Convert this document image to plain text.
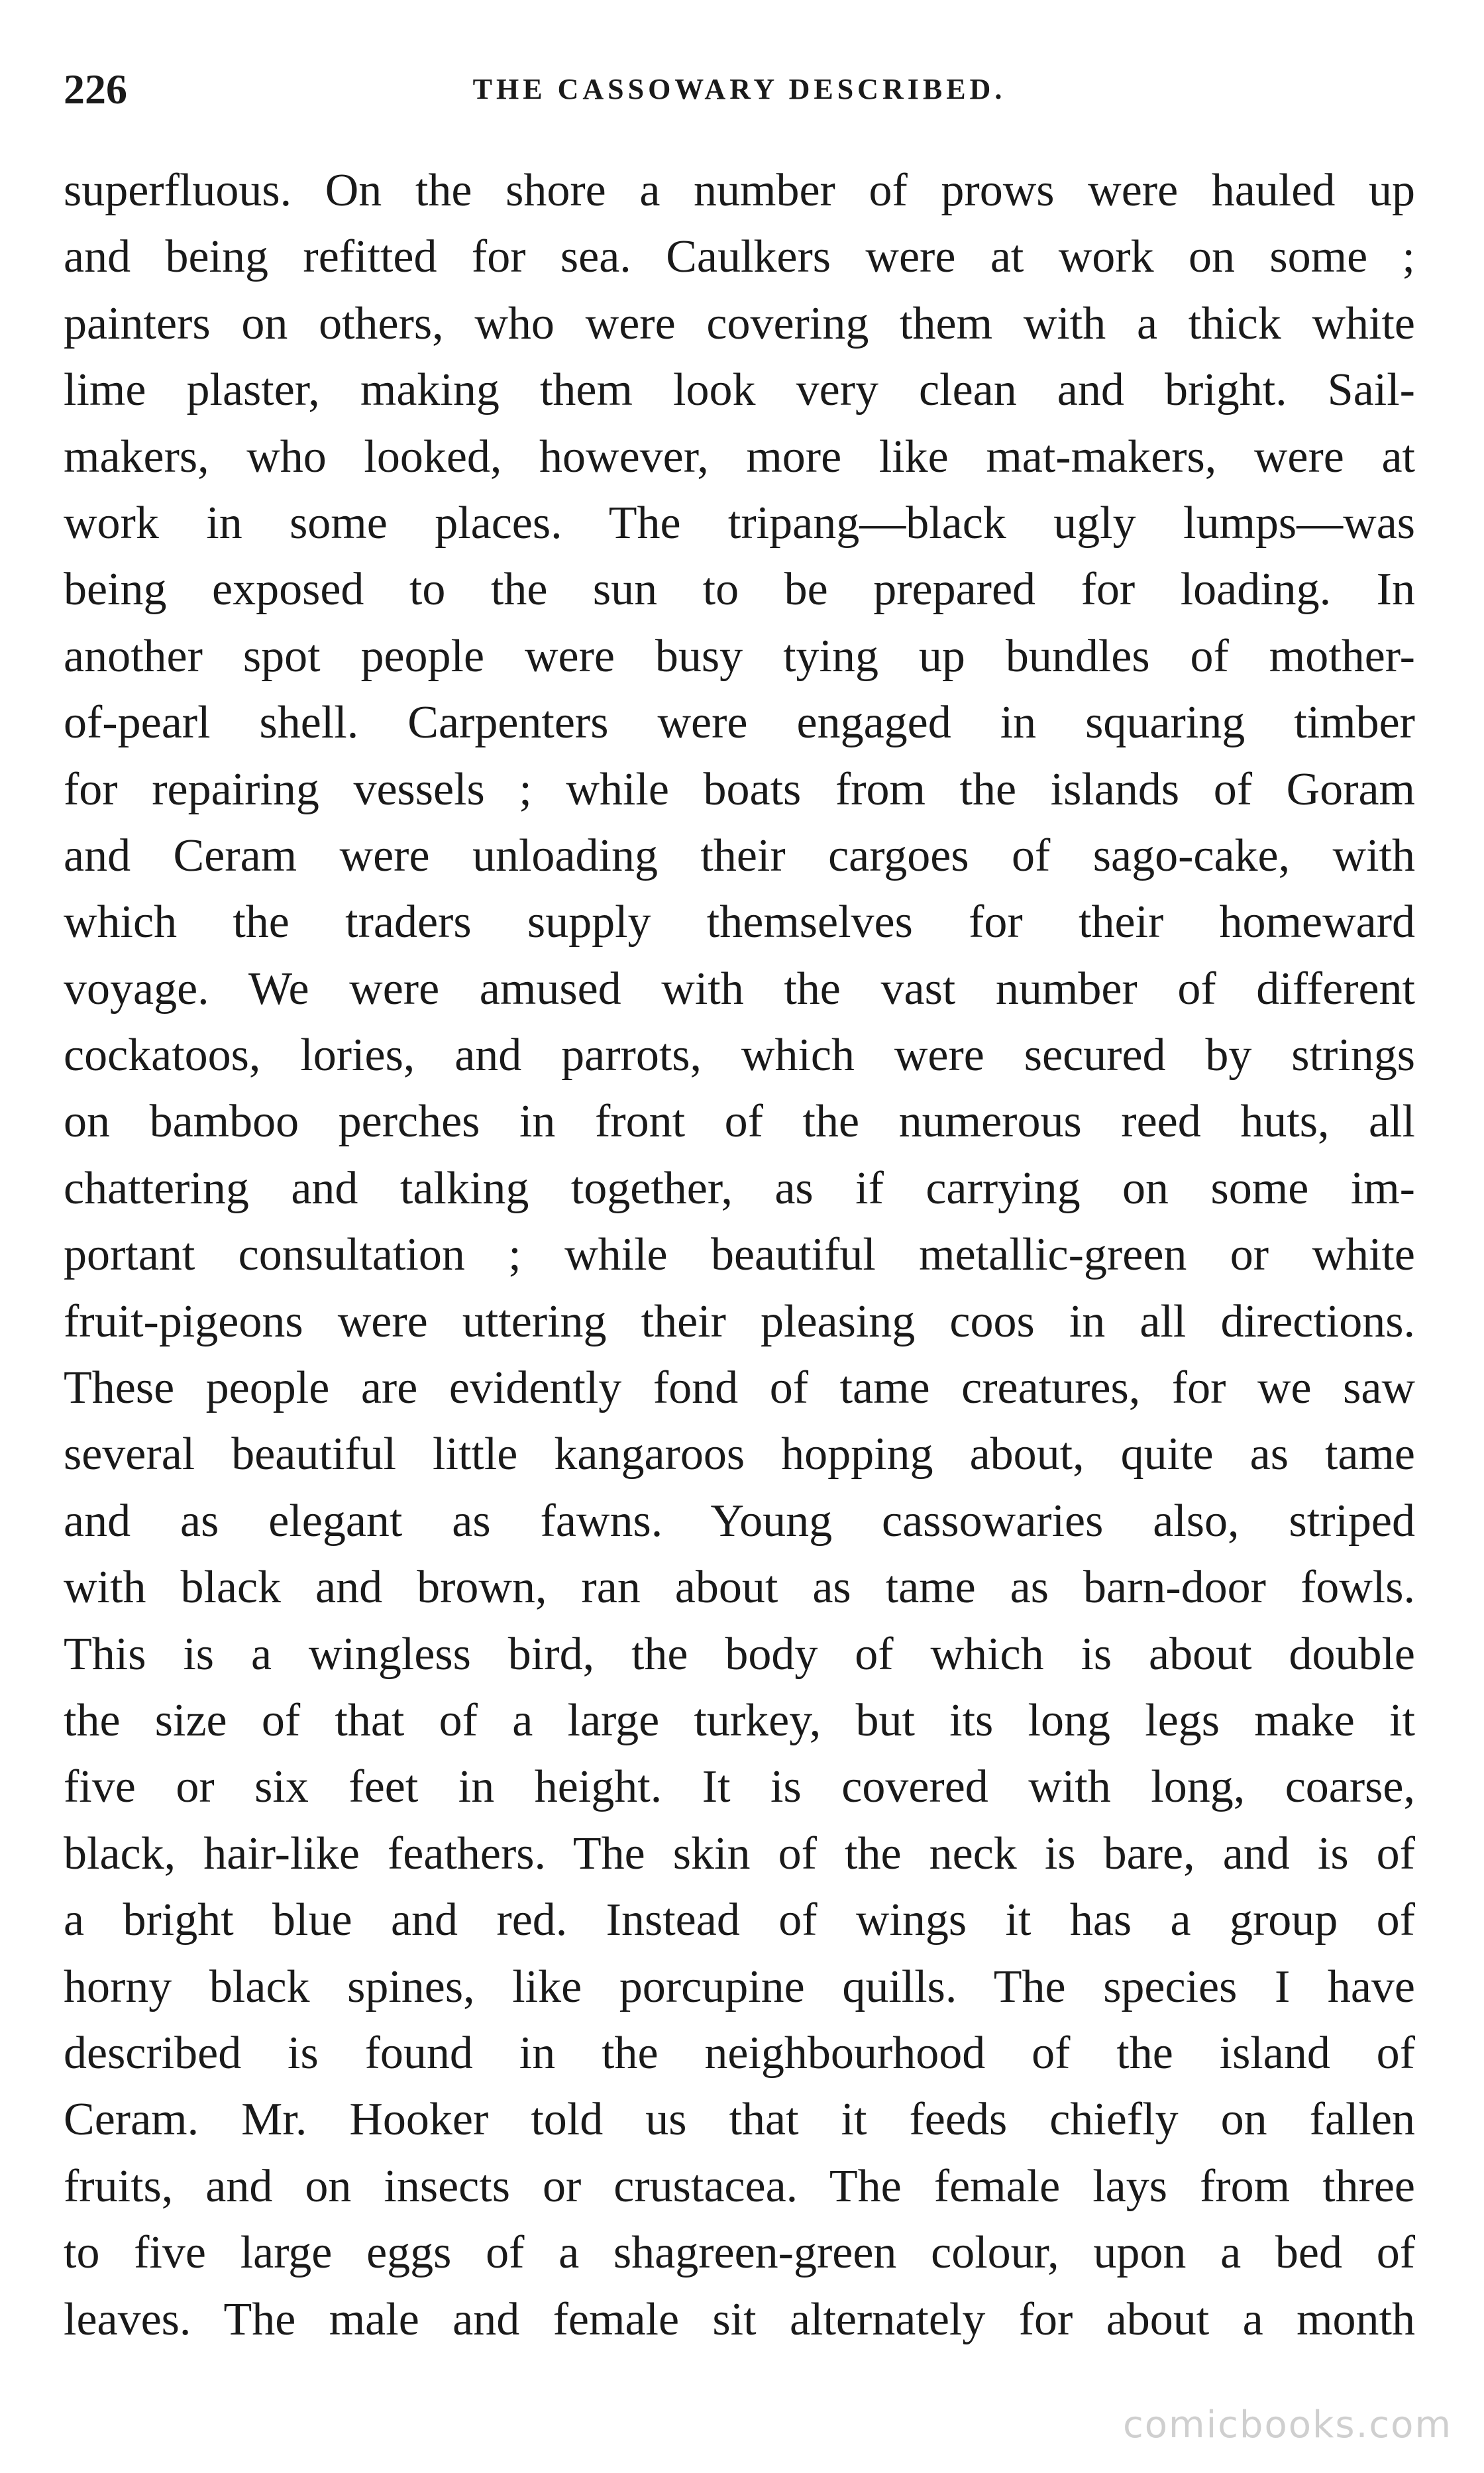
226	THE CASSOWARY DESCRIBED.
superfluous. On the shore a number of prows were hauled up
and being refitted for sea. Caulkers were at work on some ;
painters on others, who were covering them with a thick white
lime plaster, making them look very clean and bright. Sail-
makers, who looked, however, more like mat-makers, were at
work in some places. The tripang—black ugly lumps—was
being exposed to the sun to be prepared for loading. In
another spot people were busy tying up bundles of mother-
of-pearl shell. Carpenters were engaged in squaring timber
for repairing vessels ; while boats from the islands of Goram
and Ceram were unloading their cargoes of sago-cake, with
which the traders supply themselves for their homeward
voyage. We were amused with the vast number of different
cockatoos, lories, and parrots, which were secured by strings
on bamboo perches in front of the numerous reed huts, all
chattering and talking together, as if carrying on some im-
portant consultation ; while beautiful metallic-green or white
fruit-pigeons were uttering their pleasing coos in all directions.
These people are evidently fond of tame creatures, for we saw
several beautiful little kangaroos hopping about, quite as tame
and as elegant as fawns. Young cassowaries also, striped
with black and brown, ran about as tame as barn-door fowls.
This is a wingless bird, the body of which is about double
the size of that of a large turkey, but its long legs make it
five or six feet in height. It is covered with long, coarse,
black, hair-like feathers. The skin of the neck is bare, and is of
a bright blue and red. Instead of wings it has a group of
horny black spines, like porcupine quills. The species I have
described is found in the neighbourhood of the island of
Ceram. Mr. Hooker told us that it feeds chiefly on fallen
fruits, and on insects or crustacea. The female lays from three
to five large eggs of a shagreen-green colour, upon a bed of
leaves. The male and female sit alternately for about a month
comicbooks.com
